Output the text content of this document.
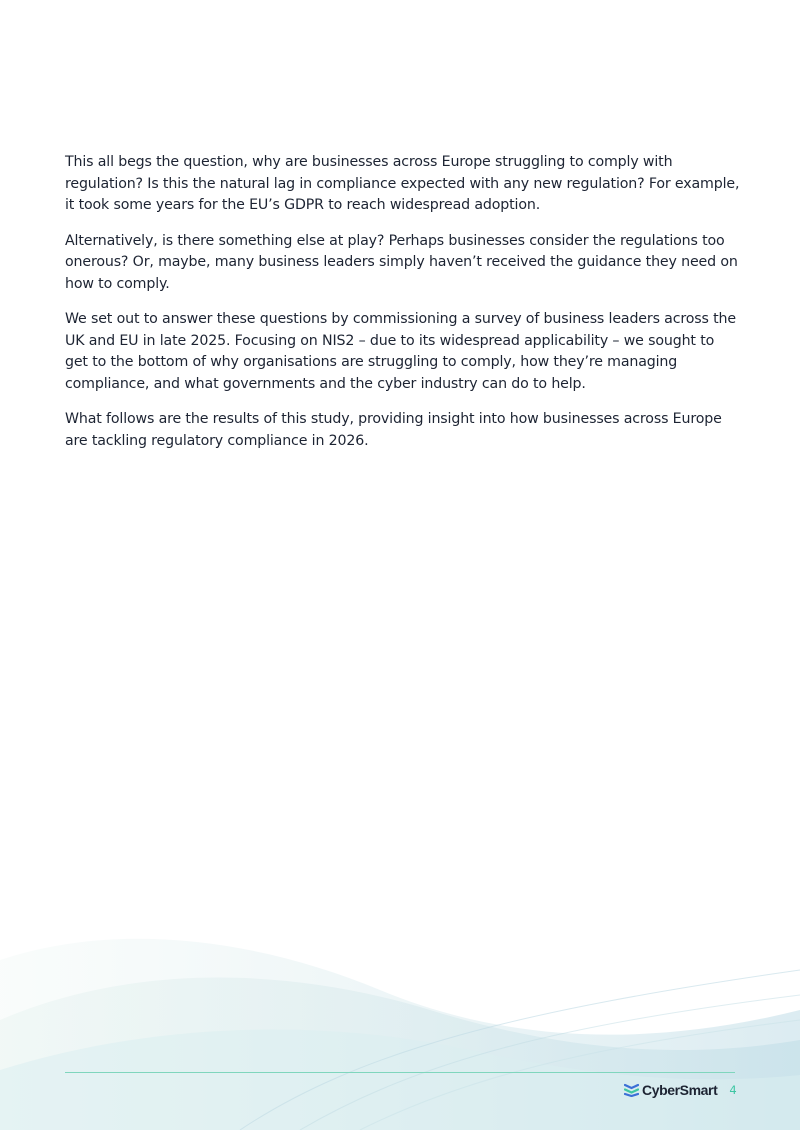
This all begs the question, why are businesses across Europe struggling to comply with regulation? Is this the natural lag in compliance expected with any new regulation? For example, it took some years for the EU’s GDPR to reach widespread adoption.

Alternatively, is there something else at play? Perhaps businesses consider the regulations too onerous? Or, maybe, many business leaders simply haven’t received the guidance they need on how to comply.

We set out to answer these questions by commissioning a survey of business leaders across the UK and EU in late 2025. Focusing on NIS2 – due to its widespread applicability – we sought to get to the bottom of why organisations are struggling to comply, how they’re managing compliance, and what governments and the cyber industry can do to help.

What follows are the results of this study, providing insight into how businesses across Europe are tackling regulatory compliance in 2026.

CyberSmart 4
